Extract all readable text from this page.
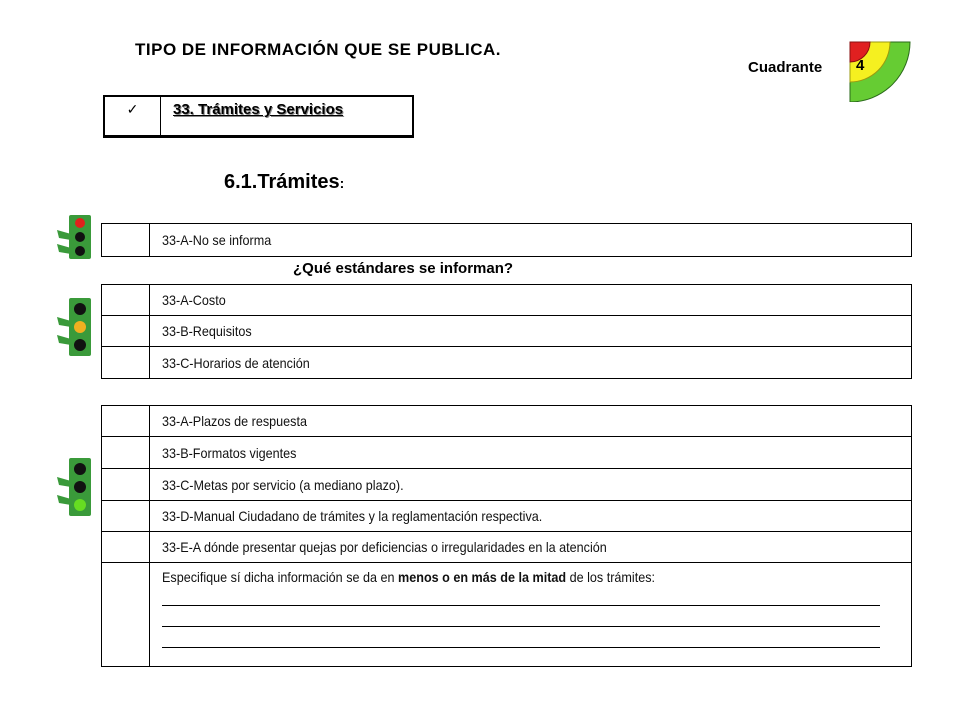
TIPO DE INFORMACIÓN QUE SE PUBLICA.
Cuadrante 4
✓	33. Trámites y Servicios
6.1.Trámites:
	33-A-No se informa
¿Qué estándares se informan?
	33-A-Costo
	33-B-Requisitos
	33-C-Horarios de atención
	33-A-Plazos de respuesta
	33-B-Formatos vigentes
	33-C-Metas por servicio (a mediano plazo).
	33-D-Manual Ciudadano de trámites y la reglamentación respectiva.
	33-E-A dónde presentar quejas por deficiencias o irregularidades en la atención
	Especifique sí dicha información se da en menos o en más de la mitad de los trámites:
